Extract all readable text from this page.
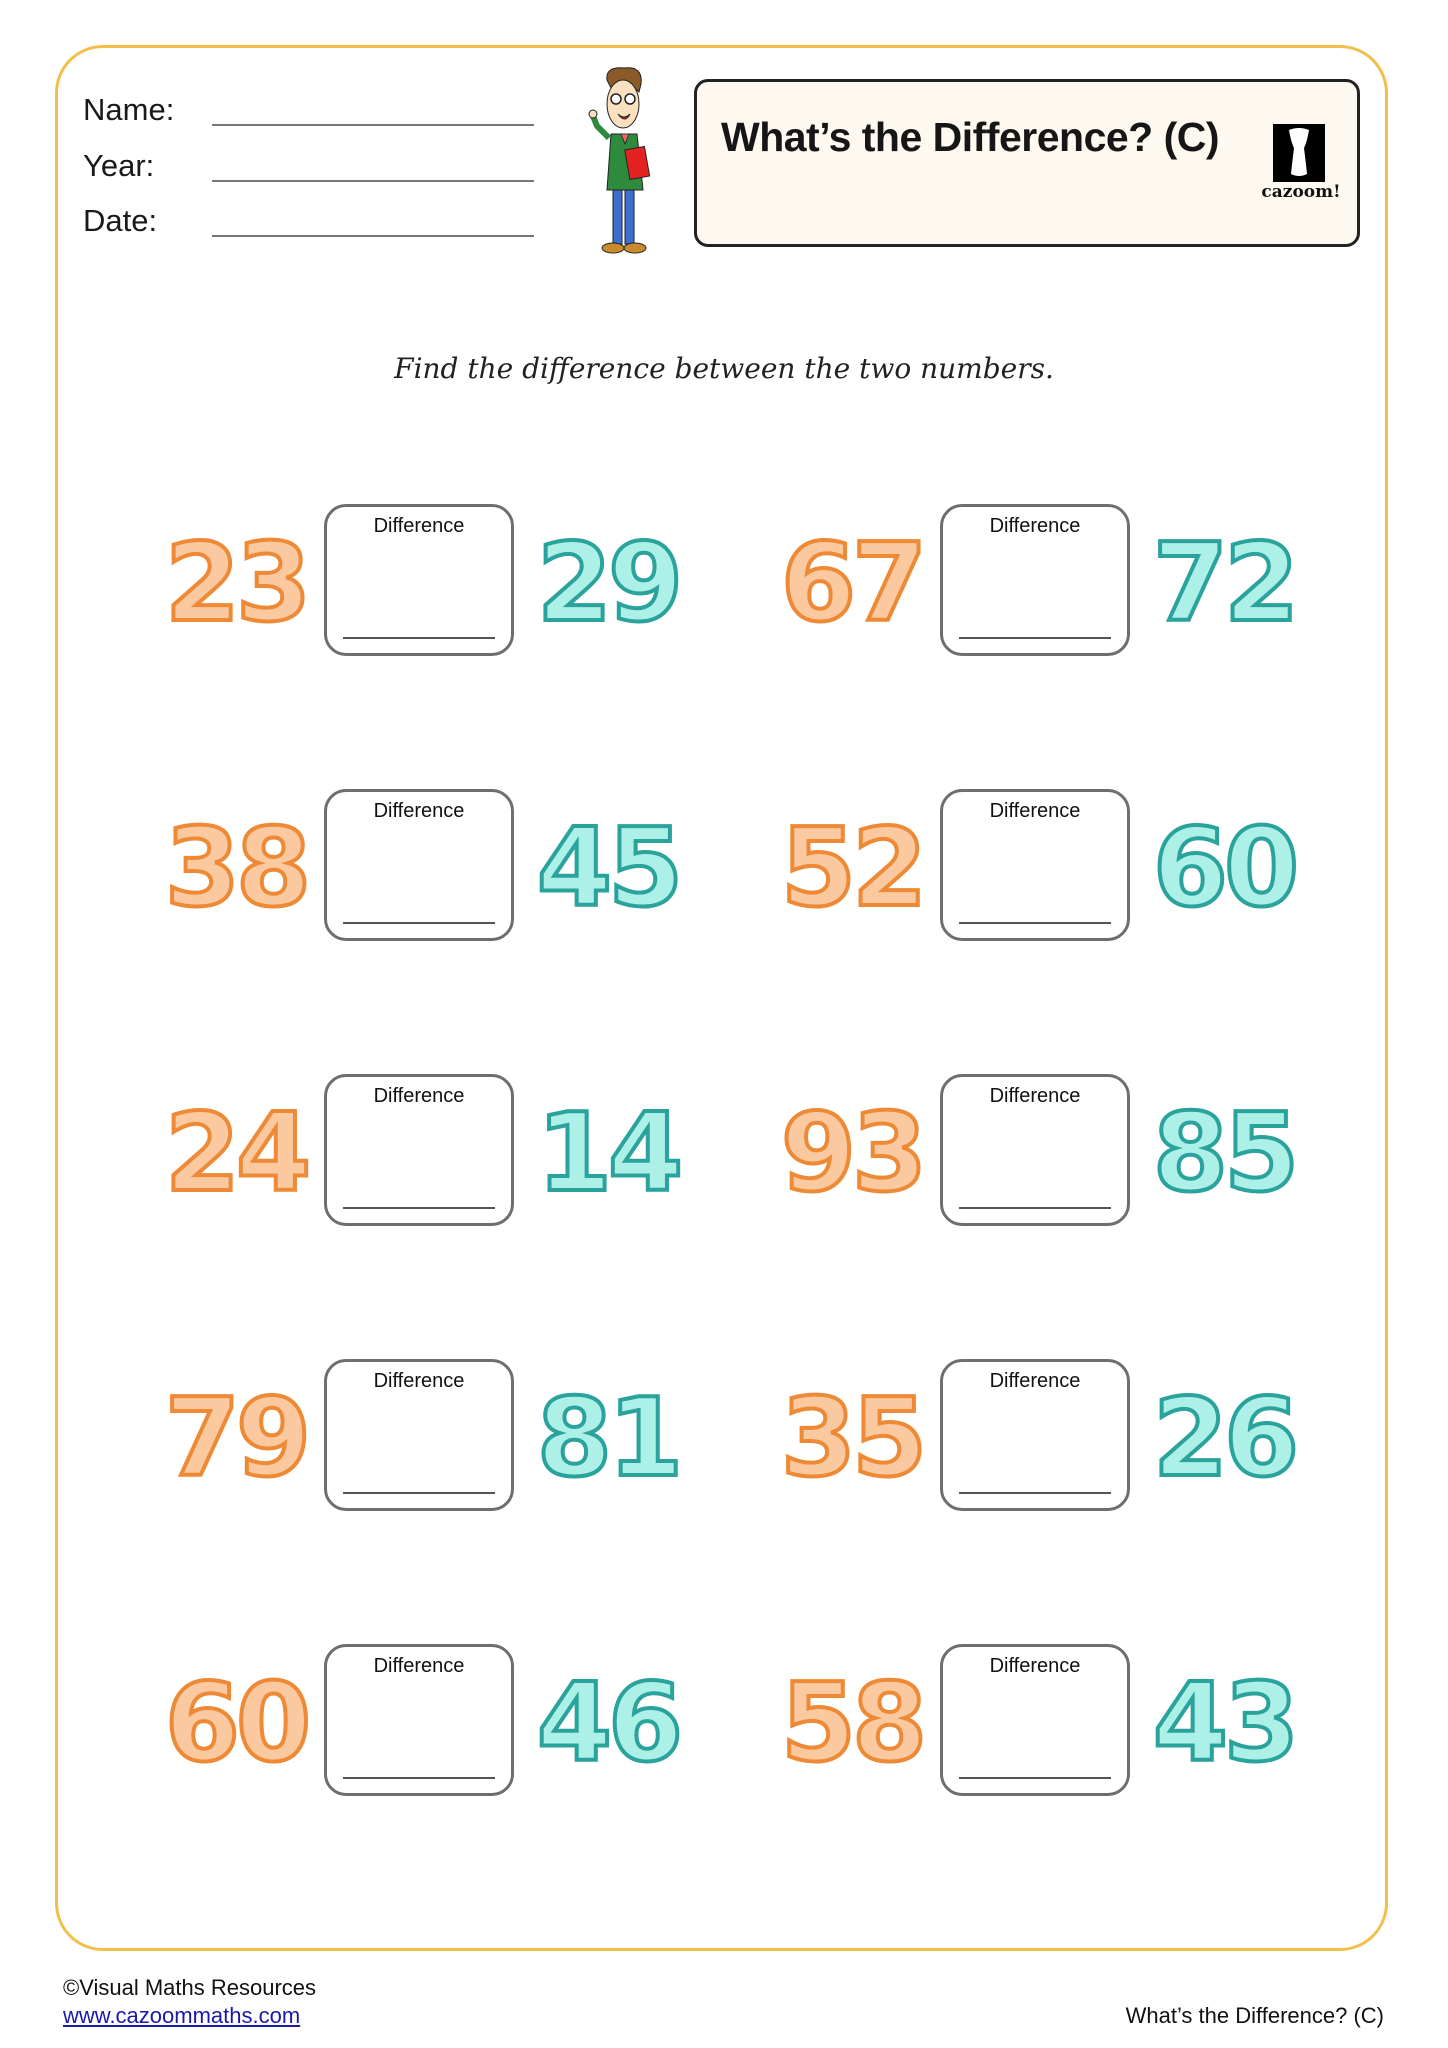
Name:
Year:
Date:
What’s the Difference? (C)
cazoom!
Find the difference between the two numbers.
23	Difference 29 67	Difference 72
38	Difference 45 52	Difference 60
24	Difference 14 93	Difference 85
79	Difference 81 35	Difference 26
60	Difference 46 58	Difference 43
©Visual Maths Resources
www.cazoommaths.com	What’s the Difference? (C)
